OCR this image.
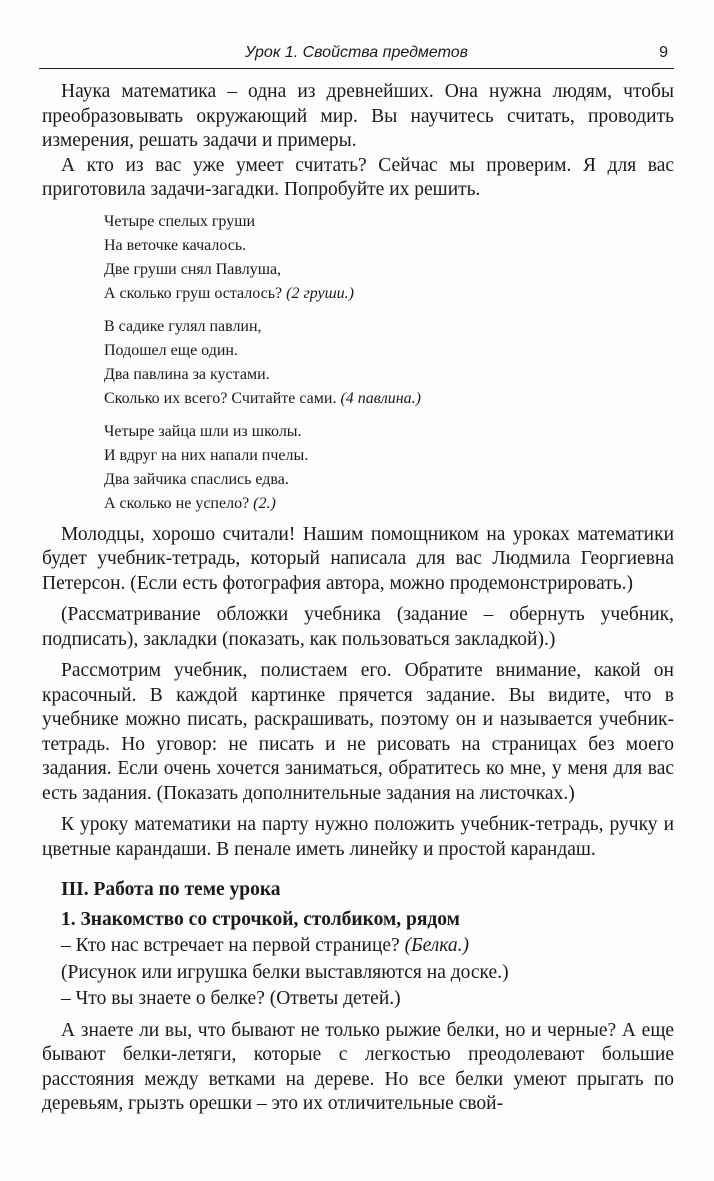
Урок 1. Свойства предметов	9

Наука математика – одна из древнейших. Она нужна людям, чтобы преобразовывать окружающий мир. Вы научитесь считать, проводить измерения, решать задачи и примеры.

А кто из вас уже умеет считать? Сейчас мы проверим. Я для вас приготовила задачи-загадки. Попробуйте их решить.

Четыре спелых груши
На веточке качалось.
Две груши снял Павлуша,
А сколько груш осталось? (2 груши.)
В садике гулял павлин,
Подошел еще один.
Два павлина за кустами.
Сколько их всего? Считайте сами. (4 павлина.)
Четыре зайца шли из школы.
И вдруг на них напали пчелы.
Два зайчика спаслись едва.
А сколько не успело? (2.)

Молодцы, хорошо считали! Нашим помощником на уроках математики будет учебник-тетрадь, который написала для вас Людмила Георгиевна Петерсон. (Если есть фотография автора, можно продемонстрировать.)

(Рассматривание обложки учебника (задание – обернуть учебник, подписать), закладки (показать, как пользоваться закладкой).)

Рассмотрим учебник, полистаем его. Обратите внимание, какой он красочный. В каждой картинке прячется задание. Вы видите, что в учебнике можно писать, раскрашивать, поэтому он и называется учебник-тетрадь. Но уговор: не писать и не рисовать на страницах без моего задания. Если очень хочется заниматься, обратитесь ко мне, у меня для вас есть задания. (Показать дополнительные задания на листочках.)

К уроку математики на парту нужно положить учебник-тетрадь, ручку и цветные карандаши. В пенале иметь линейку и простой карандаш.

III. Работа по теме урока
1. Знакомство со строчкой, столбиком, рядом
– Кто нас встречает на первой странице? (Белка.)
(Рисунок или игрушка белки выставляются на доске.)
– Что вы знаете о белке? (Ответы детей.)

А знаете ли вы, что бывают не только рыжие белки, но и черные? А еще бывают белки-летяги, которые с легкостью преодолевают большие расстояния между ветками на дереве. Но все белки умеют прыгать по деревьям, грызть орешки – это их отличительные свой-
